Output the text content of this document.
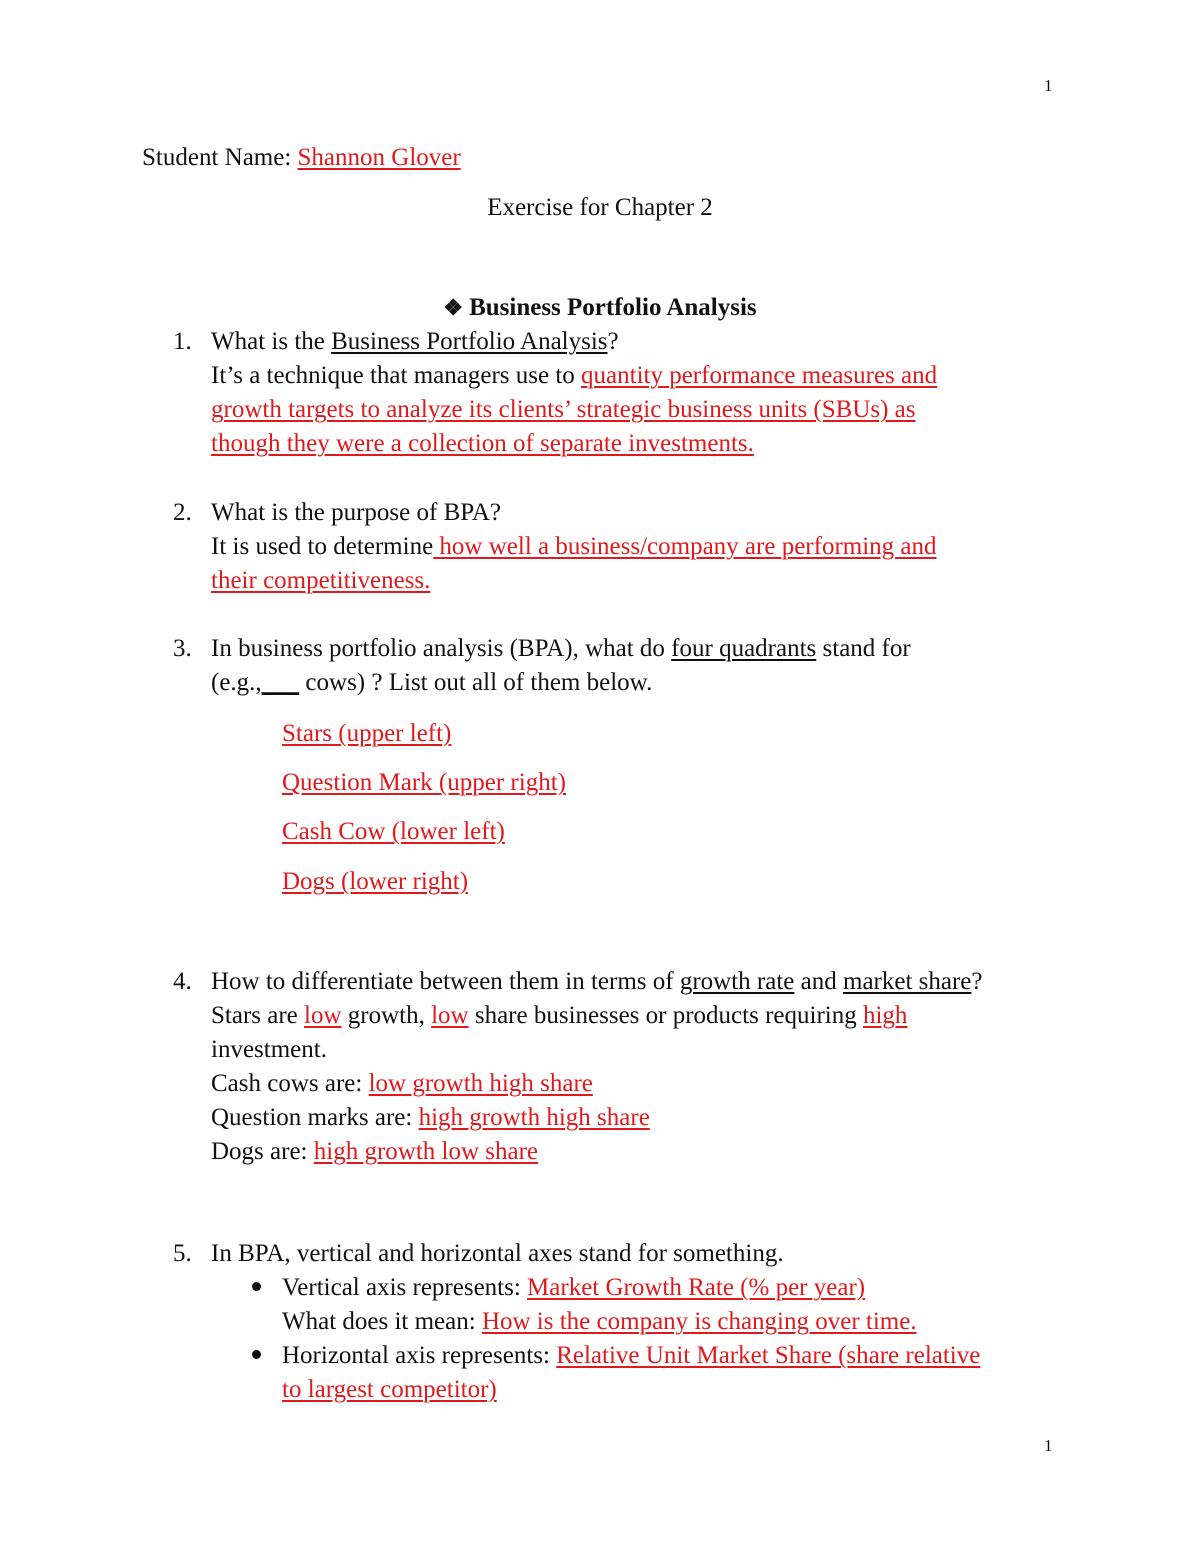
1
1
Student Name: Shannon Glover
Exercise for Chapter 2
❖ Business Portfolio Analysis
1. What is the Business Portfolio Analysis?
It’s a technique that managers use to quantity performance measures and
growth targets to analyze its clients’ strategic business units (SBUs) as
though they were a collection of separate investments.
2. What is the purpose of BPA?
It is used to determine how well a business/company are performing and
their competitiveness.
3. In business portfolio analysis (BPA), what do four quadrants stand for
(e.g.,___ cows) ? List out all of them below.
Stars (upper left)
Question Mark (upper right)
Cash Cow (lower left)
Dogs (lower right)
4. How to differentiate between them in terms of growth rate and market share?
Stars are low growth, low share businesses or products requiring high
investment.
Cash cows are: low growth high share
Question marks are: high growth high share
Dogs are: high growth low share
5. In BPA, vertical and horizontal axes stand for something.
Vertical axis represents: Market Growth Rate (% per year)
What does it mean: How is the company is changing over time.
Horizontal axis represents: Relative Unit Market Share (share relative
to largest competitor)
